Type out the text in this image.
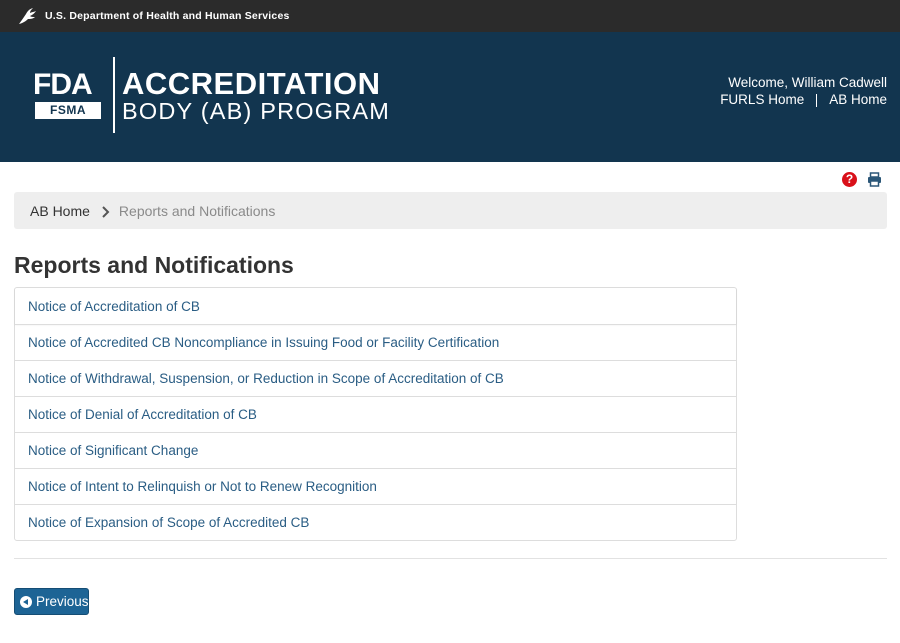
U.S. Department of Health and Human Services
FDA
FSMA
ACCREDITATION
BODY (AB) PROGRAM
Welcome, William Cadwell
FURLS Home AB Home
?
AB Home Reports and Notifications
Reports and Notifications
Notice of Accreditation of CB
Notice of Accredited CB Noncompliance in Issuing Food or Facility Certification
Notice of Withdrawal, Suspension, or Reduction in Scope of Accreditation of CB
Notice of Denial of Accreditation of CB
Notice of Significant Change
Notice of Intent to Relinquish or Not to Renew Recognition
Notice of Expansion of Scope of Accredited CB
Previous
